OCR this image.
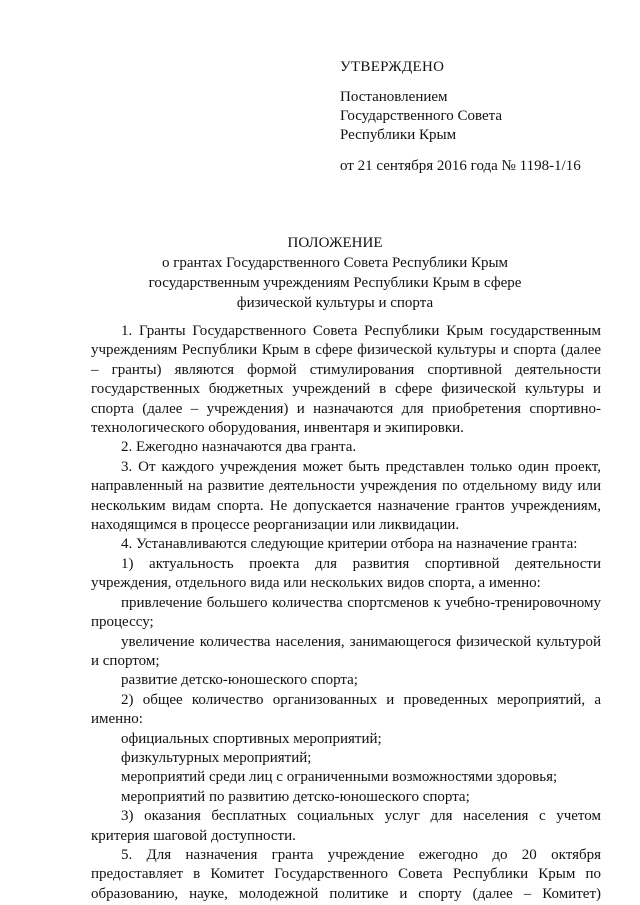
УТВЕРЖДЕНО

Постановлением

Государственного Совета

Республики Крым

от 21 сентября 2016 года № 1198-1/16

ПОЛОЖЕНИЕ

о грантах Государственного Совета Республики Крым

государственным учреждениям Республики Крым в сфере

физической культуры и спорта

1. Гранты Государственного Совета Республики Крым государственным учреждениям Республики Крым в сфере физической культуры и спорта (далее – гранты) являются формой стимулирования спортивной деятельности государственных бюджетных учреждений в сфере физической культуры и спорта (далее – учреждения) и назначаются для приобретения спортивно-технологического оборудования, инвентаря и экипировки.

2. Ежегодно назначаются два гранта.

3. От каждого учреждения может быть представлен только один проект, направленный на развитие деятельности учреждения по отдельному виду или нескольким видам спорта. Не допускается назначение грантов учреждениям, находящимся в процессе реорганизации или ликвидации.

4. Устанавливаются следующие критерии отбора на назначение гранта:

1) актуальность проекта для развития спортивной деятельности учреждения, отдельного вида или нескольких видов спорта, а именно:

привлечение большего количества спортсменов к учебно-тренировочному процессу;

увеличение количества населения, занимающегося физической культурой и спортом;

развитие детско-юношеского спорта;

2) общее количество организованных и проведенных мероприятий, а именно:

официальных спортивных мероприятий;

физкультурных мероприятий;

мероприятий среди лиц с ограниченными возможностями здоровья;

мероприятий по развитию детско-юношеского спорта;

3) оказания бесплатных социальных услуг для населения с учетом критерия шаговой доступности.

5. Для назначения гранта учреждение ежегодно до 20 октября предоставляет в Комитет Государственного Совета Республики Крым по образованию, науке, молодежной политике и спорту (далее – Комитет)
